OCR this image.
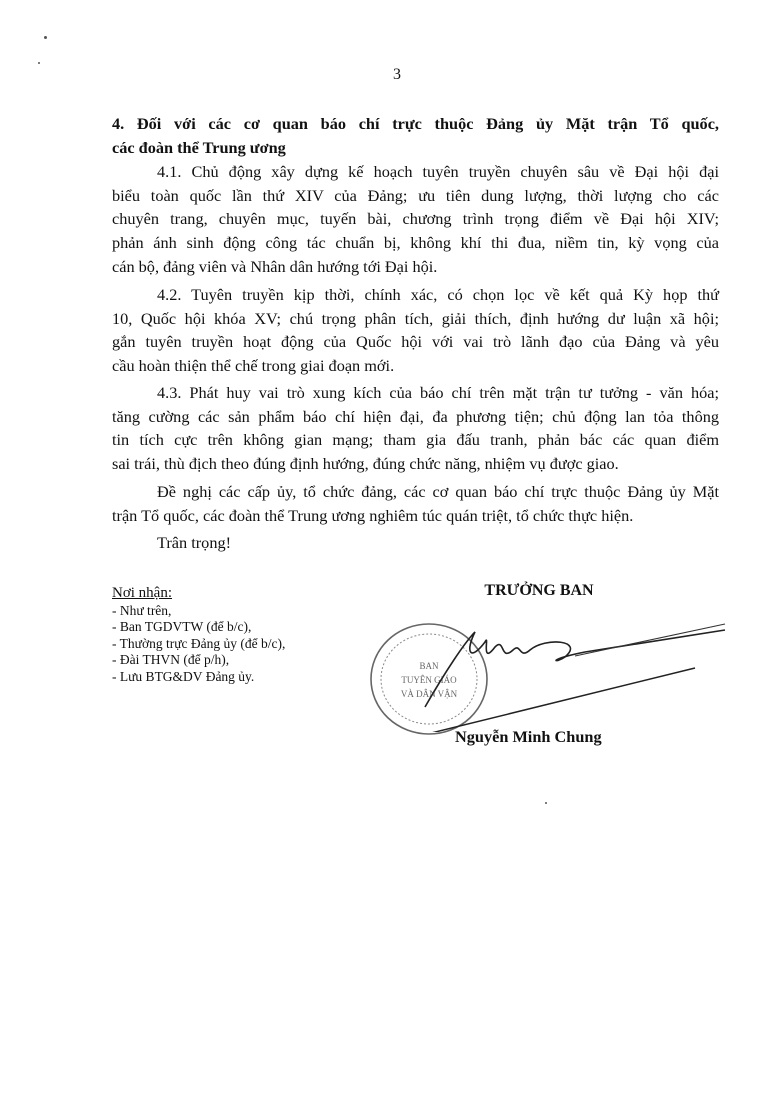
3
4. Đối với các cơ quan báo chí trực thuộc Đảng ủy Mặt trận Tổ quốc,
các đoàn thể Trung ương
4.1. Chủ động xây dựng kế hoạch tuyên truyền chuyên sâu về Đại hội đại
biểu toàn quốc lần thứ XIV của Đảng; ưu tiên dung lượng, thời lượng cho các
chuyên trang, chuyên mục, tuyến bài, chương trình trọng điểm về Đại hội XIV;
phản ánh sinh động công tác chuẩn bị, không khí thi đua, niềm tin, kỳ vọng của
cán bộ, đảng viên và Nhân dân hướng tới Đại hội.
4.2. Tuyên truyền kịp thời, chính xác, có chọn lọc về kết quả Kỳ họp thứ
10, Quốc hội khóa XV; chú trọng phân tích, giải thích, định hướng dư luận xã hội;
gắn tuyên truyền hoạt động của Quốc hội với vai trò lãnh đạo của Đảng và yêu
cầu hoàn thiện thể chế trong giai đoạn mới.
4.3. Phát huy vai trò xung kích của báo chí trên mặt trận tư tưởng - văn hóa;
tăng cường các sản phẩm báo chí hiện đại, đa phương tiện; chủ động lan tỏa thông
tin tích cực trên không gian mạng; tham gia đấu tranh, phản bác các quan điểm
sai trái, thù địch theo đúng định hướng, đúng chức năng, nhiệm vụ được giao.
Đề nghị các cấp ủy, tổ chức đảng, các cơ quan báo chí trực thuộc Đảng ủy Mặt
trận Tổ quốc, các đoàn thể Trung ương nghiêm túc quán triệt, tổ chức thực hiện.
Trân trọng!
Nơi nhận:
- Như trên,
- Ban TGDVTW (để b/c),
- Thường trực Đảng ủy (để b/c),
- Đài THVN (để p/h),
- Lưu BTG&DV Đảng ủy.
TRƯỞNG BAN
BAN
TUYÊN GIÁO
VÀ DÂN VẬN
Nguyễn Minh Chung
